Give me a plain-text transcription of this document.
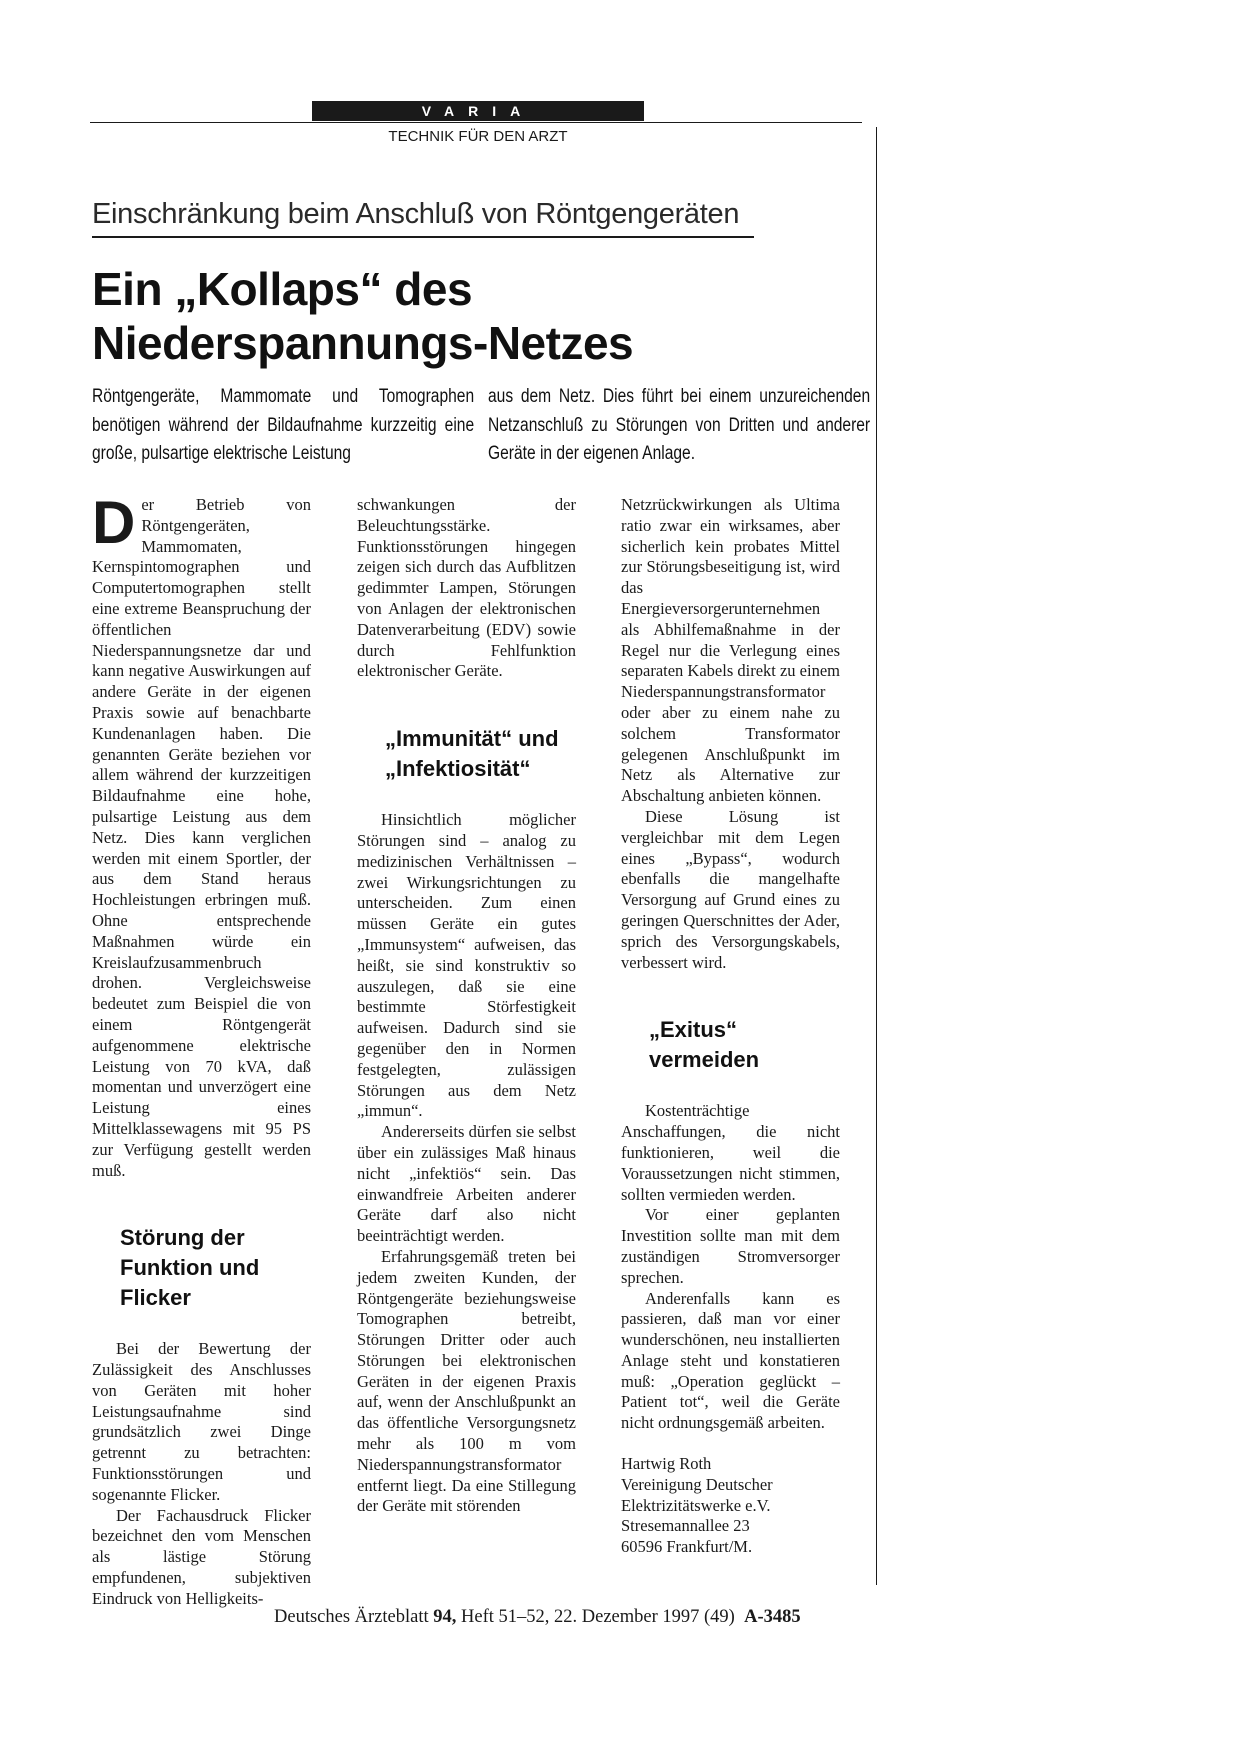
VARIA
TECHNIK FÜR DEN ARZT
Einschränkung beim Anschluß von Röntgengeräten
Ein „Kollaps“ des
Niederspannungs-Netzes
Röntgengeräte, Mammomate und Tomographen benötigen während der Bildaufnahme kurzzeitig eine große, pulsartige elektrische Leistung
aus dem Netz. Dies führt bei einem unzureichenden Netzanschluß zu Störungen von Dritten und anderer Geräte in der eigenen Anlage.

Der Betrieb von Röntgengeräten, Mammomaten, Kernspintomographen und Computertomographen stellt eine extreme Beanspruchung der öffentlichen Niederspannungsnetze dar und kann negative Auswirkungen auf andere Geräte in der eigenen Praxis sowie auf benachbarte Kundenanlagen haben. Die genannten Geräte beziehen vor allem während der kurzzeitigen Bildaufnahme eine hohe, pulsartige Leistung aus dem Netz. Dies kann verglichen werden mit einem Sportler, der aus dem Stand heraus Hochleistungen erbringen muß. Ohne entsprechende Maßnahmen würde ein Kreislaufzusammenbruch drohen. Vergleichsweise bedeutet zum Beispiel die von einem Röntgengerät aufgenommene elektrische Leistung von 70 kVA, daß momentan und unverzögert eine Leistung eines Mittelklassewagens mit 95 PS zur Verfügung gestellt werden muß.

Störung der Funktion und Flicker

Bei der Bewertung der Zulässigkeit des Anschlusses von Geräten mit hoher Leistungsaufnahme sind grundsätzlich zwei Dinge getrennt zu betrachten: Funktionsstörungen und sogenannte Flicker.

Der Fachausdruck Flicker bezeichnet den vom Menschen als lästige Störung empfundenen, subjektiven Eindruck von Helligkeits-

schwankungen der Beleuchtungsstärke. Funktionsstörungen hingegen zeigen sich durch das Aufblitzen gedimmter Lampen, Störungen von Anlagen der elektronischen Datenverarbeitung (EDV) sowie durch Fehlfunktion elektronischer Geräte.

„Immunität“ und „Infektiosität“

Hinsichtlich möglicher Störungen sind – analog zu medizinischen Verhältnissen – zwei Wirkungsrichtungen zu unterscheiden. Zum einen müssen Geräte ein gutes „Immunsystem“ aufweisen, das heißt, sie sind konstruktiv so auszulegen, daß sie eine bestimmte Störfestigkeit aufweisen. Dadurch sind sie gegenüber den in Normen festgelegten, zulässigen Störungen aus dem Netz „immun“.

Andererseits dürfen sie selbst über ein zulässiges Maß hinaus nicht „infektiös“ sein. Das einwandfreie Arbeiten anderer Geräte darf also nicht beeinträchtigt werden.

Erfahrungsgemäß treten bei jedem zweiten Kunden, der Röntgengeräte beziehungsweise Tomographen betreibt, Störungen Dritter oder auch Störungen bei elektronischen Geräten in der eigenen Praxis auf, wenn der Anschlußpunkt an das öffentliche Versorgungsnetz mehr als 100 m vom Niederspannungstransformator entfernt liegt. Da eine Stillegung der Geräte mit störenden

Netzrückwirkungen als Ultima ratio zwar ein wirksames, aber sicherlich kein probates Mittel zur Störungsbeseitigung ist, wird das Energieversorgerunternehmen als Abhilfemaßnahme in der Regel nur die Verlegung eines separaten Kabels direkt zu einem Niederspannungstransformator oder aber zu einem nahe zu solchem Transformator gelegenen Anschlußpunkt im Netz als Alternative zur Abschaltung anbieten können.

Diese Lösung ist vergleichbar mit dem Legen eines „Bypass“, wodurch ebenfalls die mangelhafte Versorgung auf Grund eines zu geringen Querschnittes der Ader, sprich des Versorgungskabels, verbessert wird.

„Exitus“ vermeiden

Kostenträchtige Anschaffungen, die nicht funktionieren, weil die Voraussetzungen nicht stimmen, sollten vermieden werden.

Vor einer geplanten Investition sollte man mit dem zuständigen Stromversorger sprechen.

Anderenfalls kann es passieren, daß man vor einer wunderschönen, neu installierten Anlage steht und konstatieren muß: „Operation geglückt – Patient tot“, weil die Geräte nicht ordnungsgemäß arbeiten.

Hartwig Roth

Vereinigung Deutscher

Elektrizitätswerke e.V.

Stresemannallee 23

60596 Frankfurt/M.

Deutsches Ärzteblatt 94, Heft 51–52, 22. Dezember 1997 (49) A-3485
